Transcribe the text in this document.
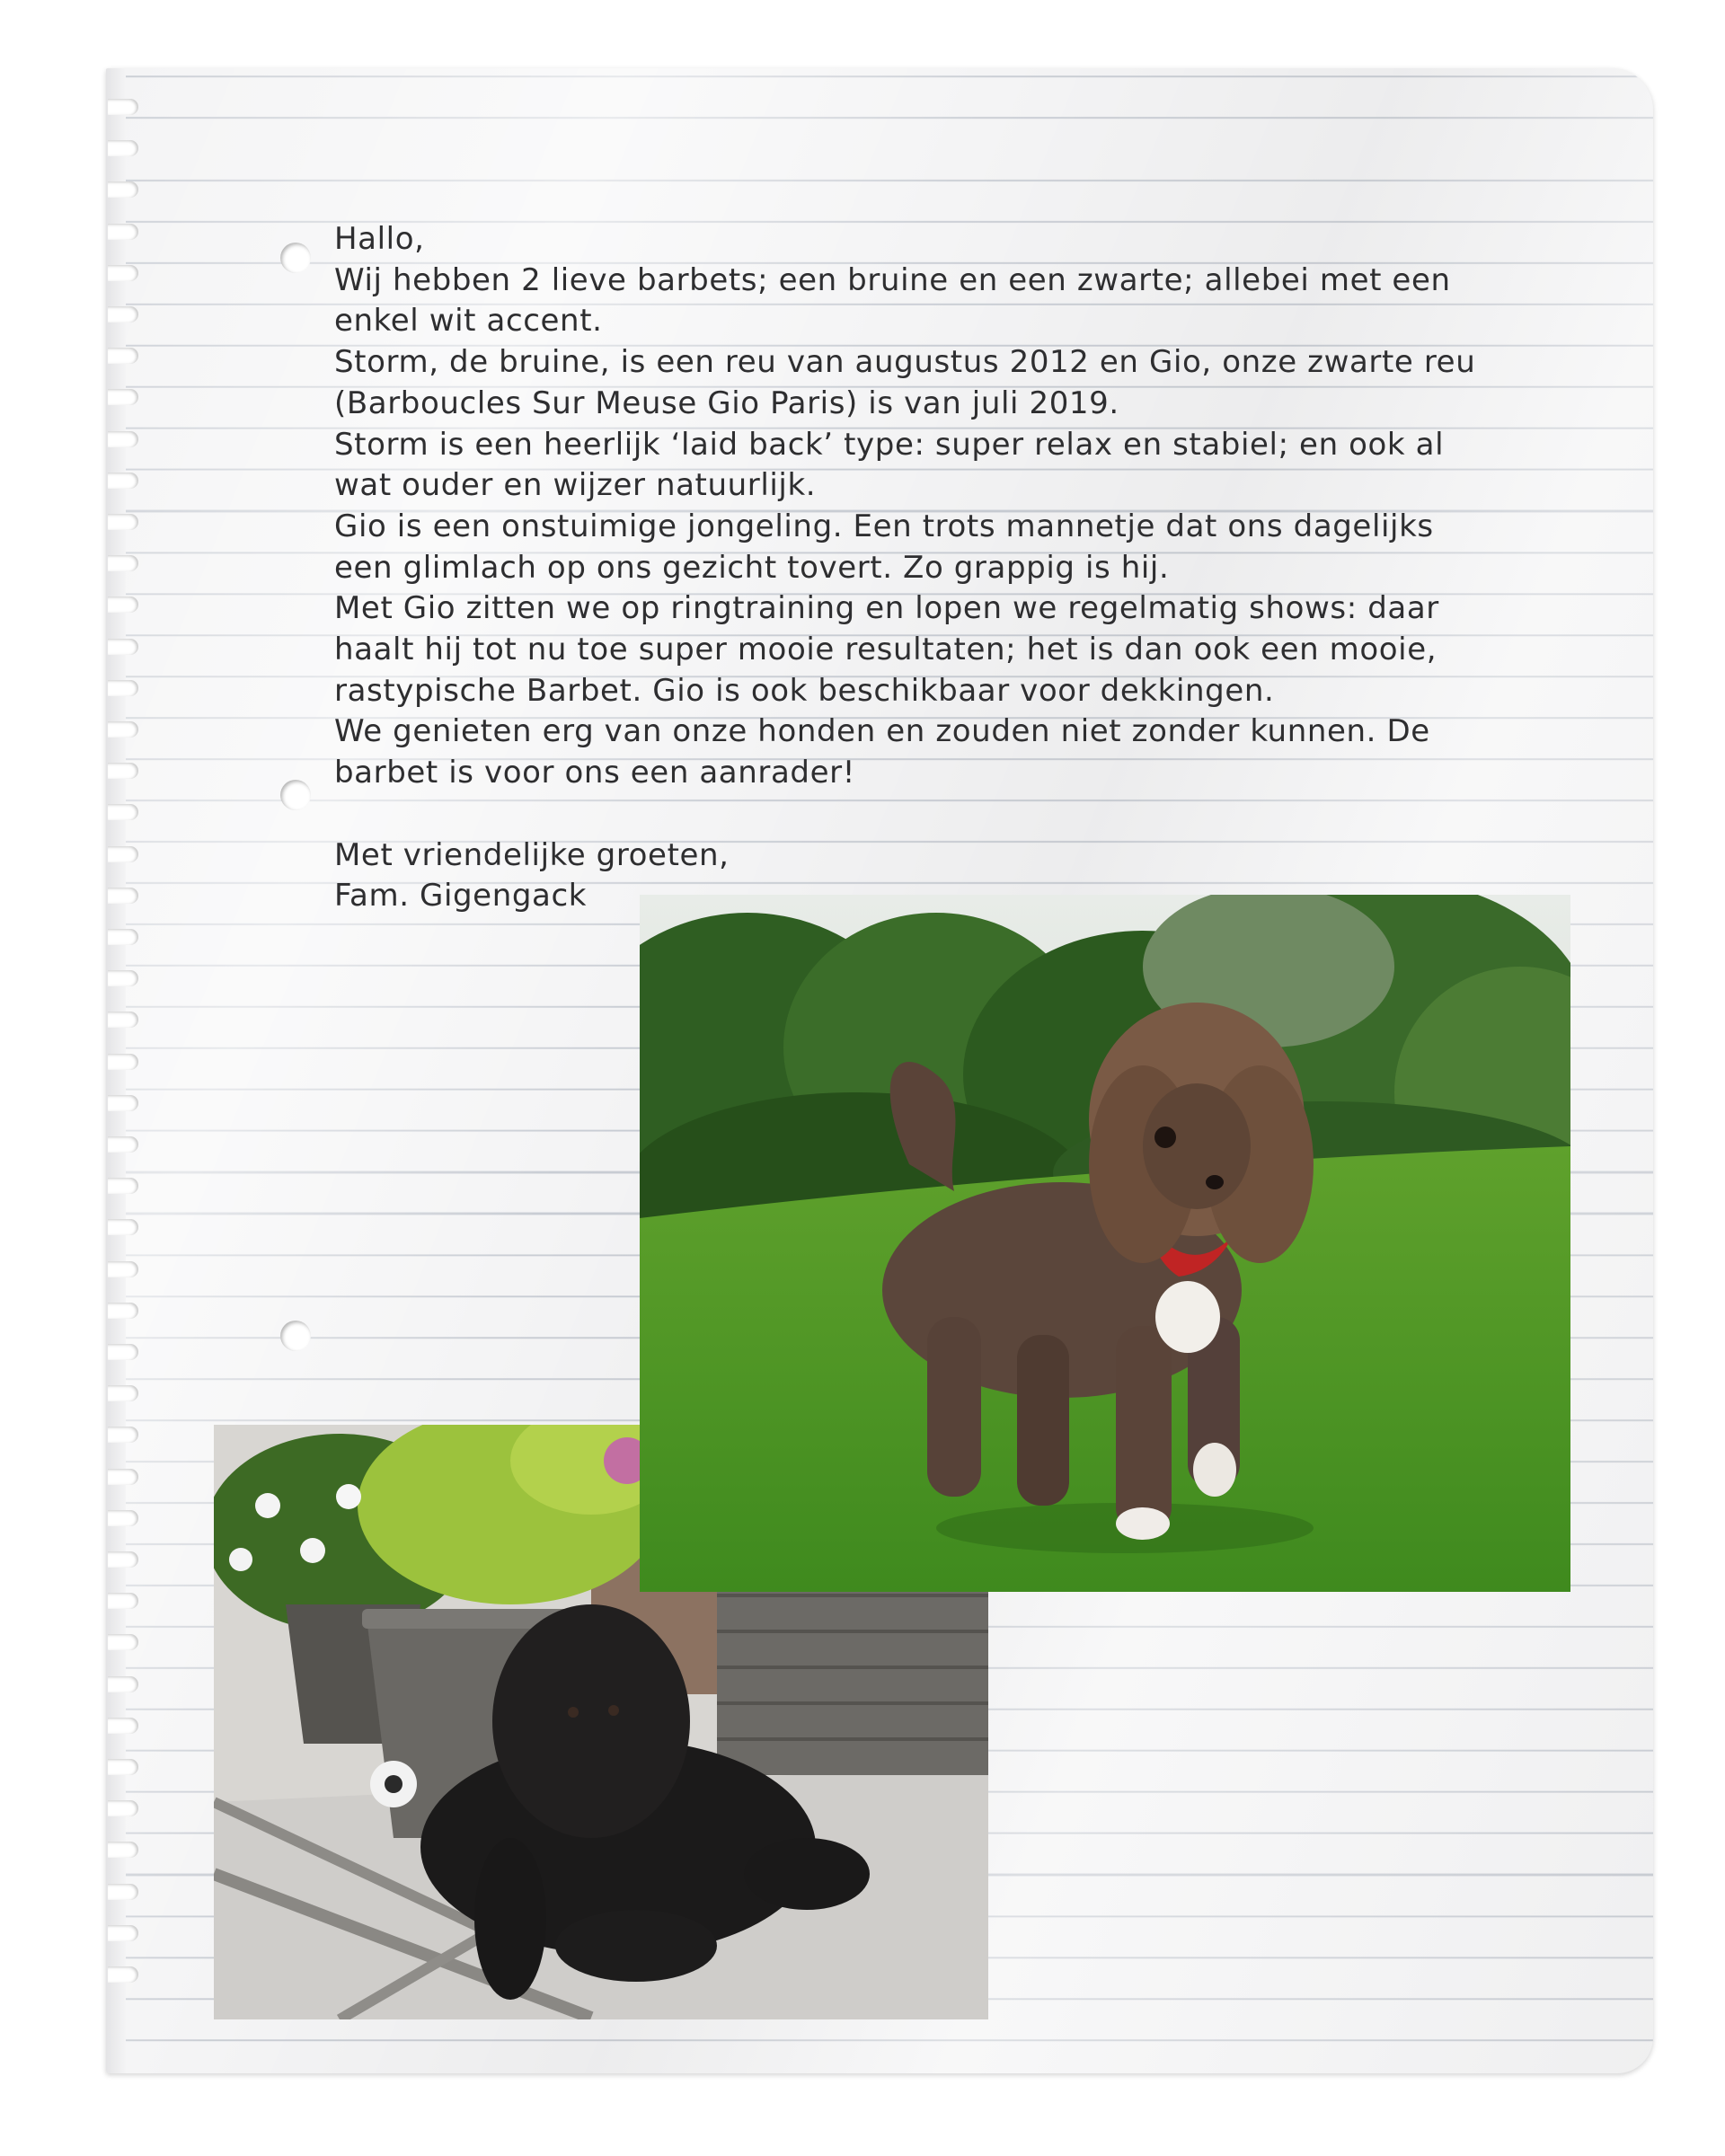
Hallo,

Wij hebben 2 lieve barbets; een bruine en een zwarte; allebei met een

enkel wit accent.

Storm, de bruine, is een reu van augustus 2012 en Gio, onze zwarte reu

(Barboucles Sur Meuse Gio Paris) is van juli 2019.

Storm is een heerlijk ‘laid back’ type: super relax en stabiel; en ook al

wat ouder en wijzer natuurlijk.

Gio is een onstuimige jongeling. Een trots mannetje dat ons dagelijks

een glimlach op ons gezicht tovert. Zo grappig is hij.

Met Gio zitten we op ringtraining en lopen we regelmatig shows: daar

haalt hij tot nu toe super mooie resultaten; het is dan ook een mooie,

rastypische Barbet. Gio is ook beschikbaar voor dekkingen.

We genieten erg van onze honden en zouden niet zonder kunnen. De

barbet is voor ons een aanrader!

Met vriendelijke groeten,

Fam. Gigengack
